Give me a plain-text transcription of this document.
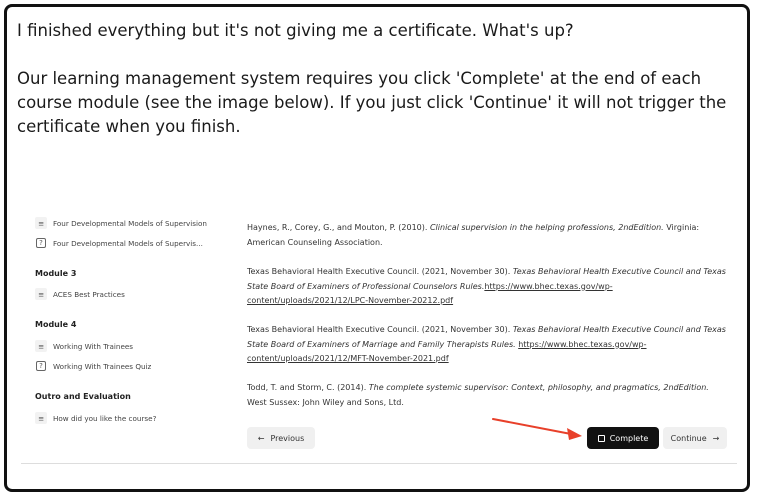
I finished everything but it's not giving me a certificate. What's up?

Our learning management system requires you click 'Complete' at the end of each course module (see the image below). If you just click 'Continue' it will not trigger the certificate when you finish.

≡	Four Developmental Models of Supervision
?	Four Developmental Models of Supervis...
Module 3
≡	ACES Best Practices
Module 4
≡	Working With Trainees
?	Working With Trainees Quiz
Outro and Evaluation
≡	How did you like the course?
Haynes, R., Corey, G., and Mouton, P. (2010). Clinical supervision in the helping professions, 2ndEdition. Virginia: American Counseling Association.
Texas Behavioral Health Executive Council. (2021, November 30). Texas Behavioral Health Executive Council and Texas State Board of Examiners of Professional Counselors Rules.https://www.bhec.texas.gov/wp-content/uploads/2021/12/LPC-November-20212.pdf
Texas Behavioral Health Executive Council. (2021, November 30). Texas Behavioral Health Executive Council and Texas State Board of Examiners of Marriage and Family Therapists Rules. https://www.bhec.texas.gov/wp-content/uploads/2021/12/MFT-November-2021.pdf
Todd, T. and Storm, C. (2014). The complete systemic supervisor: Context, philosophy, and pragmatics, 2ndEdition. West Sussex: John Wiley and Sons, Ltd.
← Previous	Complete	Continue →
